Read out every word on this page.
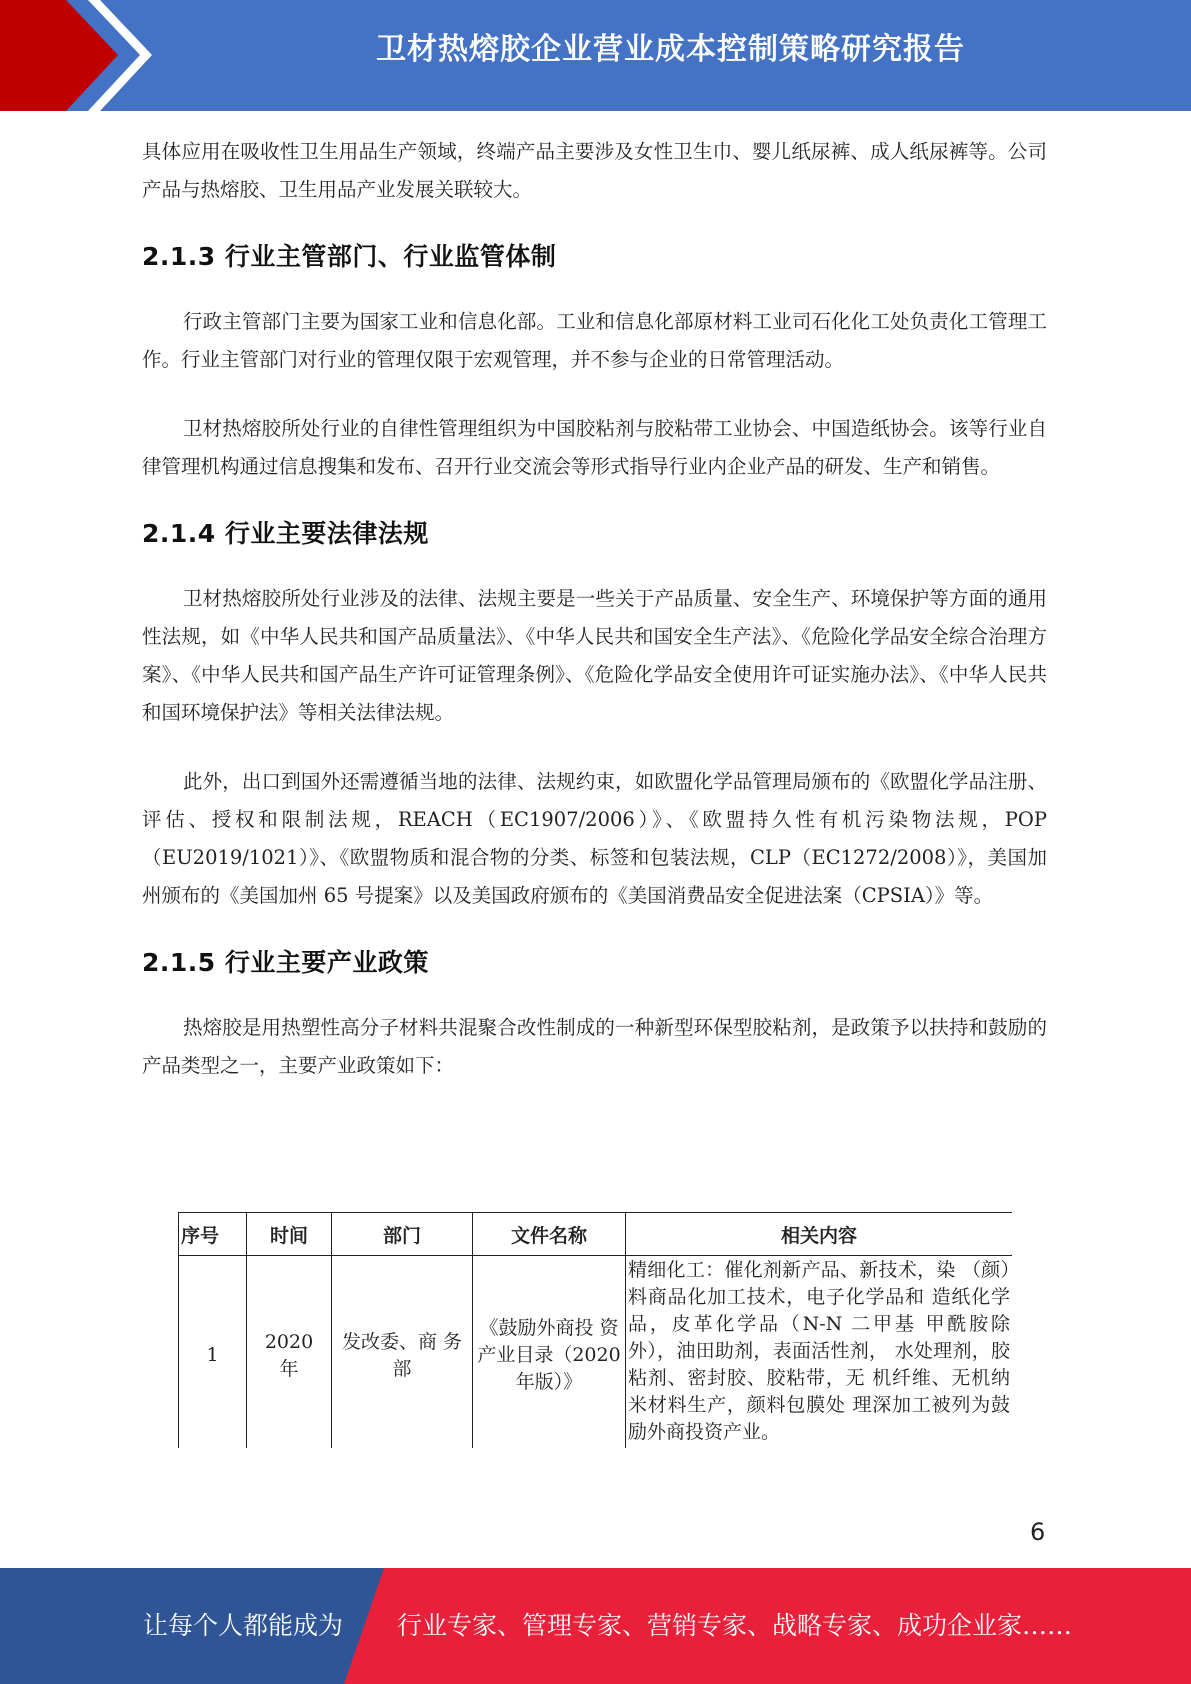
卫材热熔胶企业营业成本控制策略研究报告

具体应用在吸收性卫生用品生产领域，终端产品主要涉及女性卫生巾、婴儿纸尿裤、成人纸尿裤等。公司产品与热熔胶、卫生用品产业发展关联较大。

2.1.3 行业主管部门、行业监管体制

行政主管部门主要为国家工业和信息化部。工业和信息化部原材料工业司石化化工处负责化工管理工作。行业主管部门对行业的管理仅限于宏观管理，并不参与企业的日常管理活动。

卫材热熔胶所处行业的自律性管理组织为中国胶粘剂与胶粘带工业协会、中国造纸协会。该等行业自律管理机构通过信息搜集和发布、召开行业交流会等形式指导行业内企业产品的研发、生产和销售。

2.1.4 行业主要法律法规

卫材热熔胶所处行业涉及的法律、法规主要是一些关于产品质量、安全生产、环境保护等方面的通用性法规，如《中华人民共和国产品质量法》、《中华人民共和国安全生产法》、《危险化学品安全综合治理方案》、《中华人民共和国产品生产许可证管理条例》、《危险化学品安全使用许可证实施办法》、《中华人民共和国环境保护法》等相关法律法规。

此外，出口到国外还需遵循当地的法律、法规约束，如欧盟化学品管理局颁布的《欧盟化学品注册、评估、授权和限制法规，REACH（EC1907/2006）》、《欧盟持久性有机污染物法规，POP（EU2019/1021）》、《欧盟物质和混合物的分类、标签和包装法规，CLP（EC1272/2008）》，美国加州颁布的《美国加州 65 号提案》以及美国政府颁布的《美国消费品安全促进法案（CPSIA）》等。

2.1.5 行业主要产业政策

热熔胶是用热塑性高分子材料共混聚合改性制成的一种新型环保型胶粘剂，是政策予以扶持和鼓励的产品类型之一，主要产业政策如下：

序号	时间	部门	文件名称	相关内容
1	2020年	发改委、商 务部	《鼓励外商投 资产业目录（2020 年版）》	精细化工：催化剂新产品、新技术，染 （颜）料商品化加工技术，电子化学品和 造纸化学品，皮革化学品（N-N 二甲基 甲酰胺除外），油田助剂，表面活性剂， 水处理剂，胶粘剂、密封胶、胶粘带，无 机纤维、无机纳米材料生产，颜料包膜处 理深加工被列为鼓励外商投资产业。
6
让每个人都能成为 行业专家、管理专家、营销专家、战略专家、成功企业家……
